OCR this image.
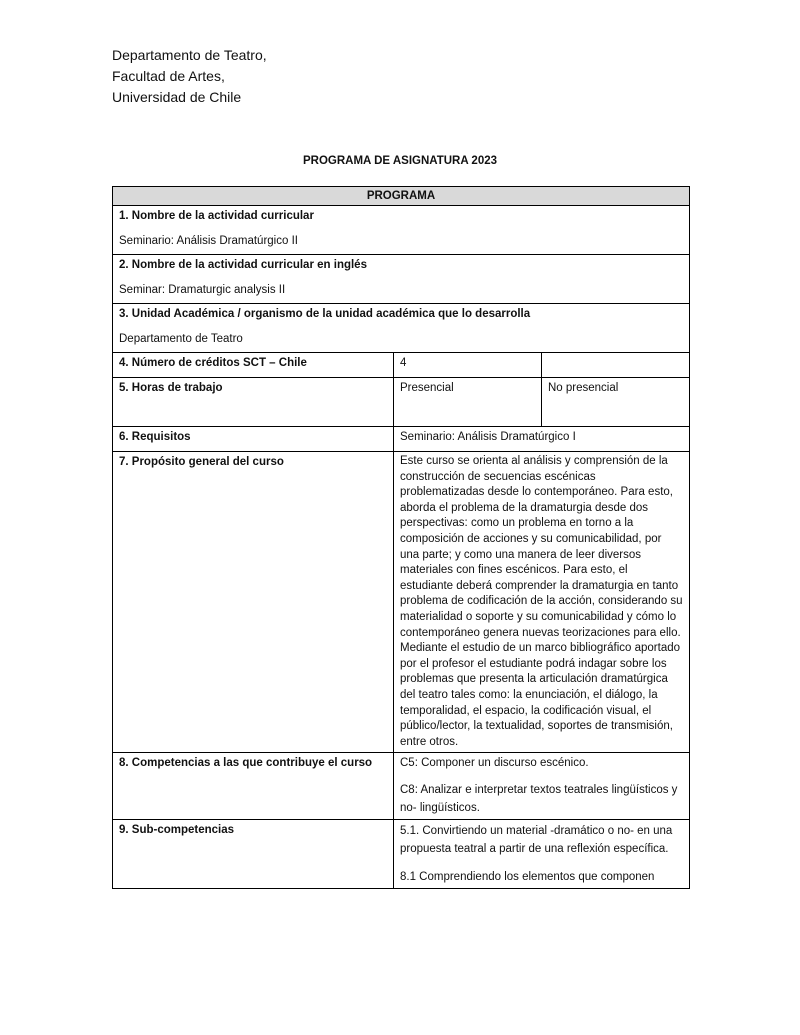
Departamento de Teatro,
Facultad de Artes,
Universidad de Chile
PROGRAMA DE ASIGNATURA 2023
PROGRAMA		

1. Nombre de la actividad curricular
Seminario: Análisis Dramatúrgico II		

2. Nombre de la actividad curricular en inglés
Seminar: Dramaturgic analysis II		

3. Unidad Académica / organismo de la unidad académica que lo desarrolla
Departamento de Teatro		

4. Número de créditos SCT – Chile	4	
5. Horas de trabajo	Presencial	No presencial
6. Requisitos	Seminario: Análisis Dramatúrgico I	
7. Propósito general del curso	Este curso se orienta al análisis y comprensión de la construcción de secuencias escénicas problematizadas desde lo contemporáneo. Para esto, aborda el problema de la dramaturgia desde dos perspectivas: como un problema en torno a la composición de acciones y su comunicabilidad, por una parte; y como una manera de leer diversos materiales con fines escénicos. Para esto, el estudiante deberá comprender la dramaturgia en tanto problema de codificación de la acción, considerando su materialidad o soporte y su comunicabilidad y cómo lo contemporáneo genera nuevas teorizaciones para ello.
Mediante el estudio de un marco bibliográfico aportado por el profesor el estudiante podrá indagar sobre los problemas que presenta la articulación dramatúrgica del teatro tales como: la enunciación, el diálogo, la temporalidad, el espacio, la codificación visual, el público/lector, la textualidad, soportes de transmisión, entre otros.	

8. Competencias a las que contribuye el curso	C5: Componer un discurso escénico.
C8: Analizar e interpretar textos teatrales lingüísticos y no- lingüísticos.	

9. Sub-competencias	5.1. Convirtiendo un material -dramático o no- en una propuesta teatral a partir de una reflexión específica.
8.1 Comprendiendo los elementos que componen	
